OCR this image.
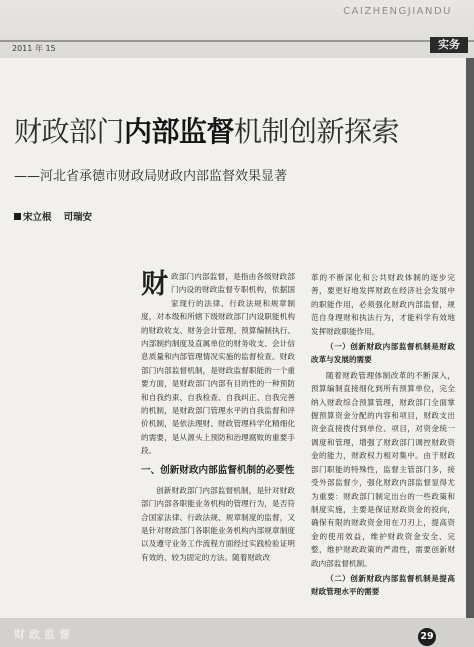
CAIZHENGJIANDU
2011 年 15	实务
财政部门内部监督机制创新探索
——河北省承德市财政局财政内部监督效果显著
宋立根 司瑞安

财政部门内部监督，是指由各级财政部门内设的财政监督专职机构，依据国家现行的法律、行政法规和规章制度，对本级和所辖下级财政部门内设职能机构的财政收支、财务会计管理、预算编制执行、内部制约制度及直属单位的财务收支、会计信息质量和内部管理情况实施的监督检查。财政部门内部监督机制，是财政监督职能的一个重要方面，是财政部门内部有目的性的一种预防和自我约束、自我检查、自我纠正、自我完善的机制，是财政部门管理水平的自我监督和评价机制，是依法理财、财政管理科学化精细化的需要，是从源头上预防和治理腐败的重要手段。

一、创新财政内部监督机制的必要性

创新财政部门内部监督机制，是针对财政部门内部各职能业务机构的管理行为，是否符合国家法律、行政法规、规章制度的监督，又是针对财政部门各职能业务机构内部规章制度以及遵守业务工作流程方面经过实践检验证明有效的、较为固定的方法。随着财政改

革的不断深化和公共财政体制的逐步完善，要更好地发挥财政在经济社会发展中的职能作用，必须强化财政内部监督，规范自身理财和执法行为，才能科学有效地发挥财政职能作用。

（一）创新财政内部监督机制是财政改革与发展的需要

随着财政管理体制改革的不断深入，预算编制直接细化到所有预算单位，完全纳入财政综合预算管理，财政部门全面掌握预算资金分配的内容和项目，财政支出资金直接拨付到单位、项目，对资金统一调度和管理，增强了财政部门调控财政资金的能力，财政权力相对集中。由于财政部门职能的特殊性，监督主管部门多，接受外部监督少，强化财政内部监督显得尤为重要：财政部门制定出台的一些政策和制度实施，主要是保证财政资金的投向，确保有限的财政资金用在刀刃上，提高资金的使用效益，维护财政资金安全、完整，维护财政政策的严肃性，需要创新财政内部监督机制。

（二）创新财政内部监督机制是提高财政管理水平的需要
财政监督	29
